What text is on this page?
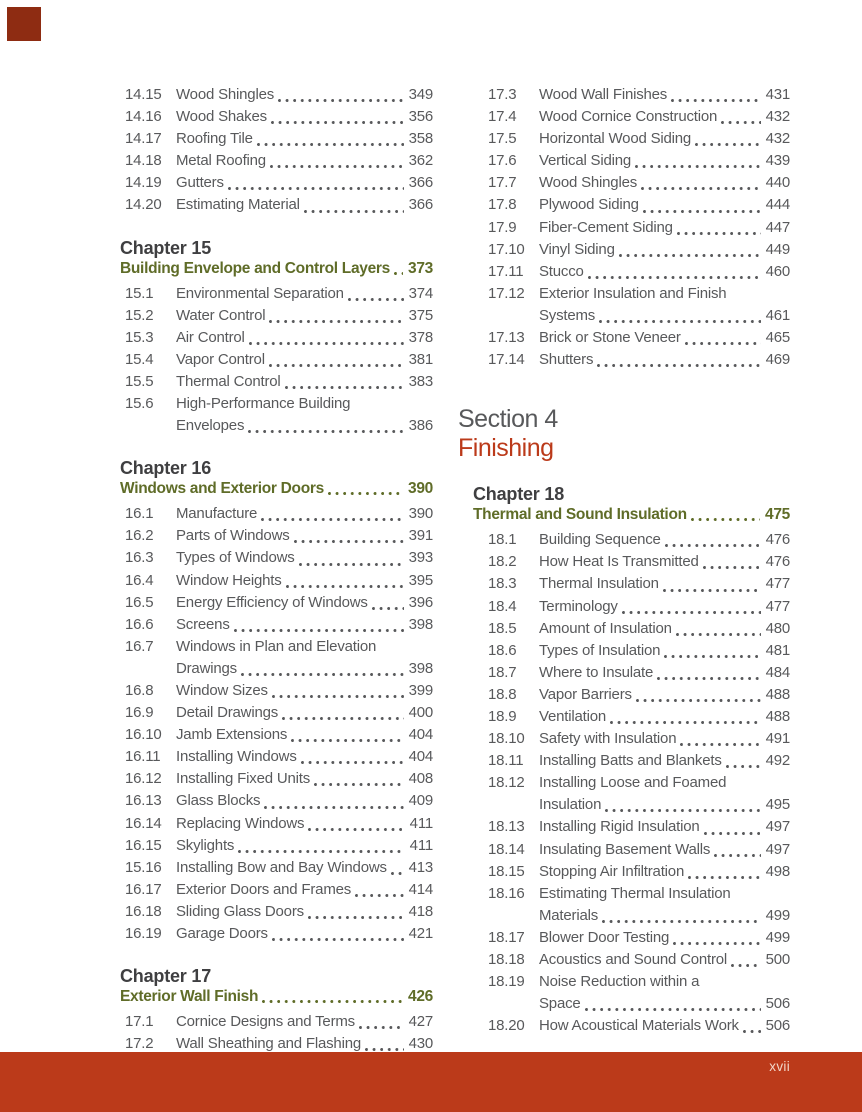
14.15 Wood Shingles	349
14.16 Wood Shakes	356
14.17 Roofing Tile	358
14.18 Metal Roofing	362
14.19 Gutters	366
14.20 Estimating Material	366
Chapter 15
Building Envelope and Control Layers 373
15.1	Environmental Separation	374
15.2	Water Control	375
15.3	Air Control	378
15.4	Vapor Control	381
15.5	Thermal Control	383
15.6	High-Performance Building
Envelopes	386
Chapter 16
Windows and Exterior Doors	390
16.1	Manufacture	390
16.2	Parts of Windows	391
16.3	Types of Windows	393
16.4	Window Heights	395
16.5	Energy Efficiency of Windows	396
16.6	Screens	398
16.7	Windows in Plan and Elevation
Drawings	398
16.8	Window Sizes	399
16.9	Detail Drawings	400
16.10 Jamb Extensions	404
16.11	Installing Windows	404
16.12 Installing Fixed Units	408
16.13 Glass Blocks	409
16.14 Replacing Windows	411
16.15 Skylights	411
15.16 Installing Bow and Bay Windows 413
16.17 Exterior Doors and Frames	414
16.18 Sliding Glass Doors	418
16.19 Garage Doors	421
Chapter 17
Exterior Wall Finish	426
17.1	Cornice Designs and Terms	427
17.2	Wall Sheathing and Flashing	430
17.3	Wood Wall Finishes	431
17.4	Wood Cornice Construction	432
17.5	Horizontal Wood Siding	432
17.6	Vertical Siding	439
17.7	Wood Shingles	440
17.8	Plywood Siding	444
17.9	Fiber-Cement Siding	447
17.10 Vinyl Siding	449
17.11	Stucco	460
17.12 Exterior Insulation and Finish
Systems	461
17.13 Brick or Stone Veneer	465
17.14 Shutters	469
Section 4
Finishing
Chapter 18
Thermal and Sound Insulation	475
18.1	Building Sequence	476
18.2	How Heat Is Transmitted	476
18.3	Thermal Insulation	477
18.4	Terminology	477
18.5	Amount of Insulation	480
18.6	Types of Insulation	481
18.7	Where to Insulate	484
18.8	Vapor Barriers	488
18.9	Ventilation	488
18.10 Safety with Insulation	491
18.11	Installing Batts and Blankets	492
18.12 Installing Loose and Foamed
Insulation	495
18.13 Installing Rigid Insulation	497
18.14 Insulating Basement Walls	497
18.15 Stopping Air Infiltration	498
18.16 Estimating Thermal Insulation
Materials	499
18.17 Blower Door Testing	499
18.18 Acoustics and Sound Control	500
18.19 Noise Reduction within a
Space	506
18.20 How Acoustical Materials Work 506
xvii
